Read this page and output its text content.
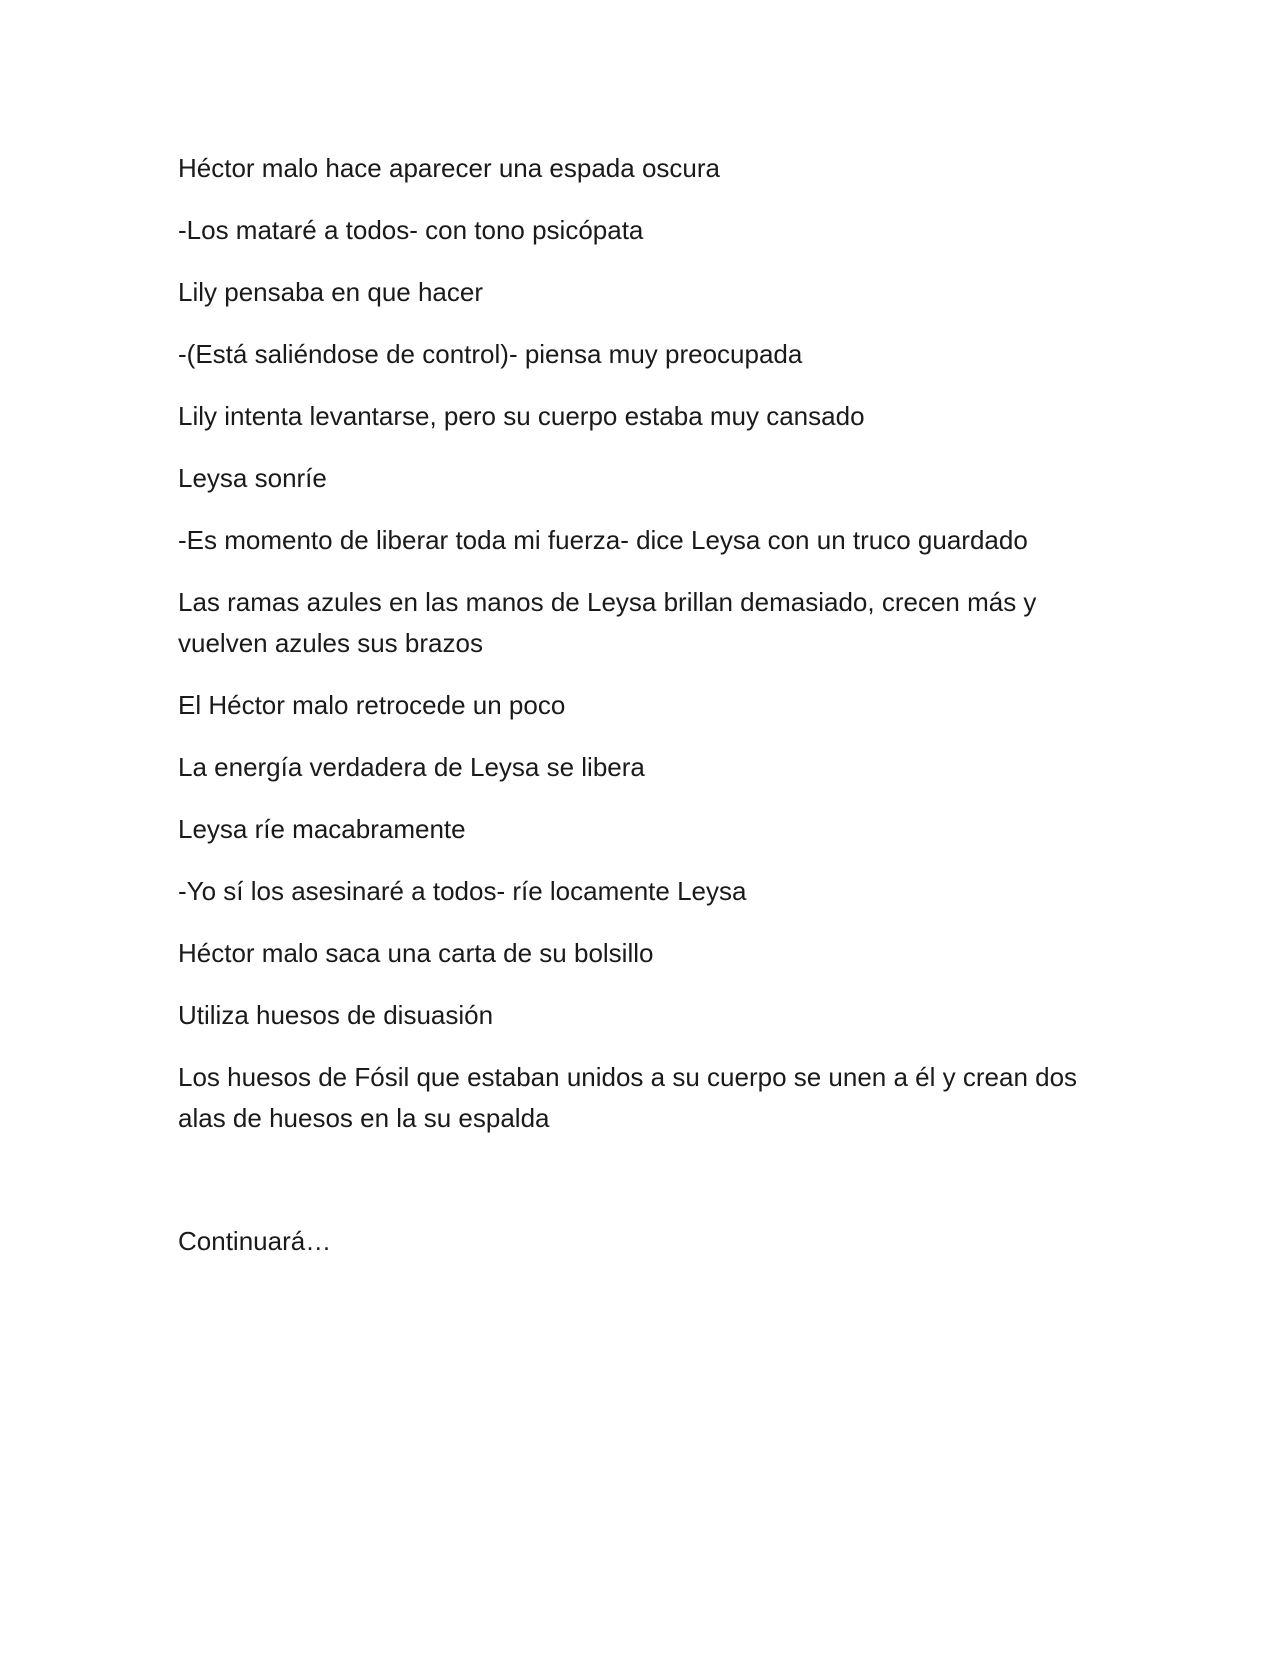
Héctor malo hace aparecer una espada oscura

-Los mataré a todos- con tono psicópata

Lily pensaba en que hacer

-(Está saliéndose de control)- piensa muy preocupada

Lily intenta levantarse, pero su cuerpo estaba muy cansado

Leysa sonríe

-Es momento de liberar toda mi fuerza- dice Leysa con un truco guardado

Las ramas azules en las manos de Leysa brillan demasiado, crecen más y vuelven azules sus brazos

El Héctor malo retrocede un poco

La energía verdadera de Leysa se libera

Leysa ríe macabramente

-Yo sí los asesinaré a todos- ríe locamente Leysa

Héctor malo saca una carta de su bolsillo

Utiliza huesos de disuasión

Los huesos de Fósil que estaban unidos a su cuerpo se unen a él y crean dos alas de huesos en la su espalda

Continuará…
